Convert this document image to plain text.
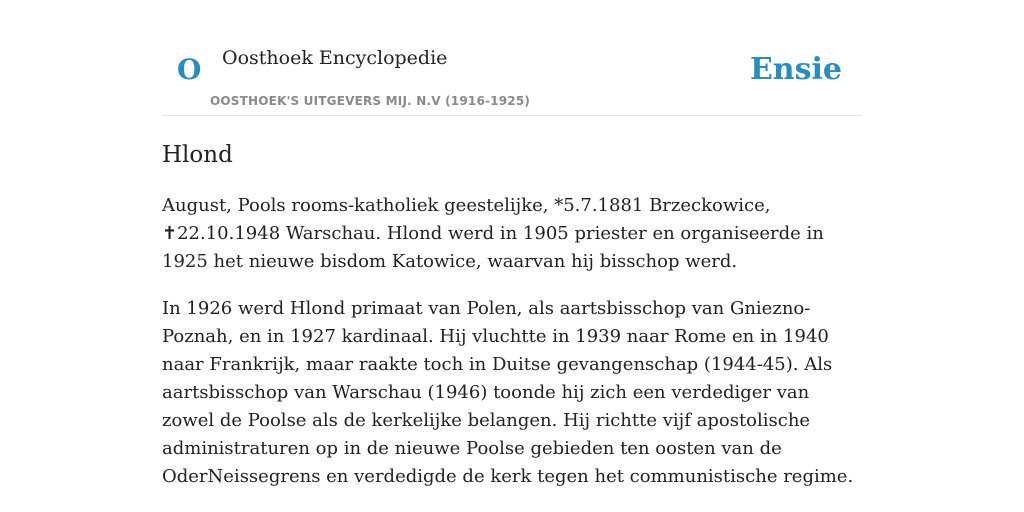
O Oosthoek Encyclopedie
OOSTHOEK'S UITGEVERS MIJ. N.V (1916-1925)
Ensie
Hlond

August, Pools rooms-katholiek geestelijke, *5.7.1881 Brzeckowice, ✝22.10.1948 Warschau. Hlond werd in 1905 priester en organiseerde in 1925 het nieuwe bisdom Katowice, waarvan hij bisschop werd.

In 1926 werd Hlond primaat van Polen, als aartsbisschop van Gniezno-Poznah, en in 1927 kardinaal. Hij vluchtte in 1939 naar Rome en in 1940 naar Frankrijk, maar raakte toch in Duitse gevangenschap (1944-45). Als aartsbisschop van Warschau (1946) toonde hij zich een verdediger van zowel de Poolse als de kerkelijke belangen. Hij richtte vijf apostolische administraturen op in de nieuwe Poolse gebieden ten oosten van de OderNeissegrens en verdedigde de kerk tegen het communistische regime.
